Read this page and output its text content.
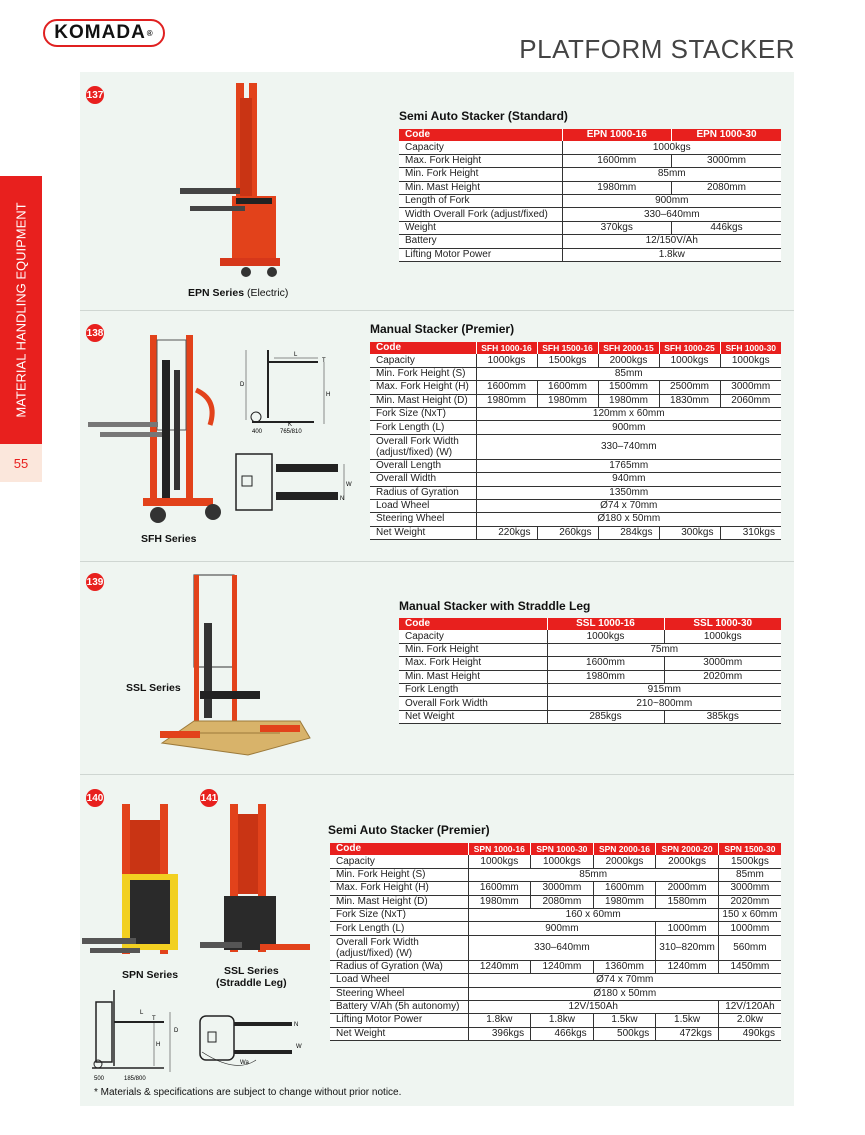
KOMADA ®
PLATFORM STACKER
MATERIAL HANDLING EQUIPMENT
55
137
EPN Series (Electric)
Semi Auto Stacker (Standard)
Code	EPN 1000-16	EPN 1000-30
Capacity	1000kgs	
Max. Fork Height	1600mm	3000mm
Min. Fork Height	85mm	
Min. Mast Height	1980mm	2080mm
Length of Fork	900mm	
Width Overall Fork (adjust/fixed)	330–640mm	
Weight	370kgs	446kgs
Battery	12/150V/Ah	
Lifting Motor Power	1.8kw	
138
SFH Series
L
T
D
H
K
400	765/810
W
N
Manual Stacker (Premier)
Code	SFH 1000-16	SFH 1500-16	SFH 2000-15	SFH 1000-25	SFH 1000-30
Capacity	1000kgs	1500kgs	2000kgs	1000kgs	1000kgs
Min. Fork Height (S)	85mm				
Max. Fork Height (H)	1600mm	1600mm	1500mm	2500mm	3000mm
Min. Mast Height (D)	1980mm	1980mm	1980mm	1830mm	2060mm
Fork Size (NxT)	120mm x 60mm				
Fork Length (L)	900mm				
Overall Fork Width (adjust/fixed) (W)	330–740mm				
Overall Length	1765mm				
Overall Width	940mm				
Radius of Gyration	1350mm				
Load Wheel	Ø74 x 70mm				
Steering Wheel	Ø180 x 50mm				
Net Weight	220kgs	260kgs	284kgs	300kgs	310kgs
139
SSL Series
Manual Stacker with Straddle Leg
Code	SSL 1000-16	SSL 1000-30
Capacity	1000kgs	1000kgs
Min. Fork Height	75mm	
Max. Fork Height	1600mm	3000mm
Min. Mast Height	1980mm	2020mm
Fork Length	915mm	
Overall Fork Width	210~800mm	
Net Weight	285kgs	385kgs
140	141
SPN Series	SSL Series
(Straddle Leg)
L
T
D
H
500	185/800
Wa
N
W
Semi Auto Stacker (Premier)
Code	SPN 1000-16	SPN 1000-30	SPN 2000-16	SPN 2000-20	SPN 1500-30
Capacity	1000kgs	1000kgs	2000kgs	2000kgs	1500kgs
Min. Fork Height (S)	85mm				85mm
Max. Fork Height (H)	1600mm	3000mm	1600mm	2000mm	3000mm
Min. Mast Height (D)	1980mm	2080mm	1980mm	1580mm	2020mm
Fork Size (NxT)	160 x 60mm				150 x 60mm
Fork Length (L)	900mm			1000mm	1000mm
Overall Fork Width (adjust/fixed) (W)	330–640mm			310–820mm	560mm
Radius of Gyration (Wa)	1240mm	1240mm	1360mm	1240mm	1450mm
Load Wheel	Ø74 x 70mm				
Steering Wheel	Ø180 x 50mm				
Battery V/Ah (5h autonomy)	12V/150Ah				12V/120Ah
Lifting Motor Power	1.8kw	1.8kw	1.5kw	1.5kw	2.0kw
Net Weight	396kgs	466kgs	500kgs	472kgs	490kgs
* Materials & specifications are subject to change without prior notice.
